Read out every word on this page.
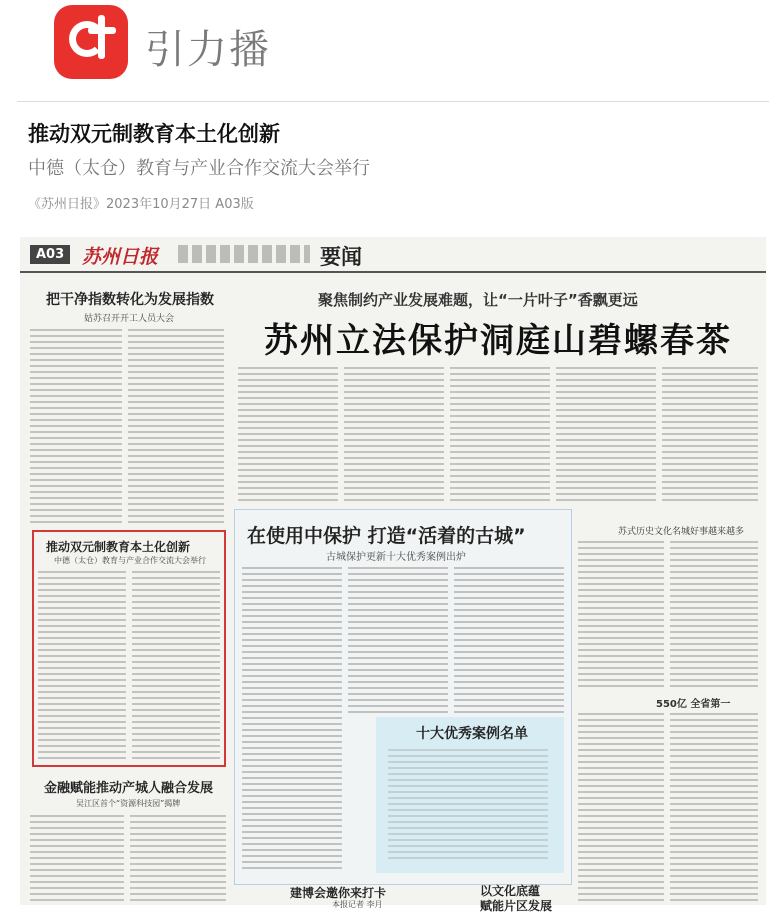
引力播
推动双元制教育本土化创新
中德（太仓）教育与产业合作交流大会举行
《苏州日报》2023年10月27日 A03版
A03 苏州日报	要闻
把干净指数转化为发展指数
姑苏召开开工人员大会
聚焦制约产业发展难题，让“一片叶子”香飘更远
苏州立法保护洞庭山碧螺春茶
推动双元制教育本土化创新
中德（太仓）教育与产业合作交流大会举行
在使用中保护 打造“活着的古城”
古城保护更新十大优秀案例出炉
十大优秀案例名单
苏式历史文化名城好事越来越多
550亿 全省第一
金融赋能推动产城人融合发展
吴江区首个“资源科技园”揭牌
建博会邀你来打卡
本报记者 李月
以文化底蕴
赋能片区发展
